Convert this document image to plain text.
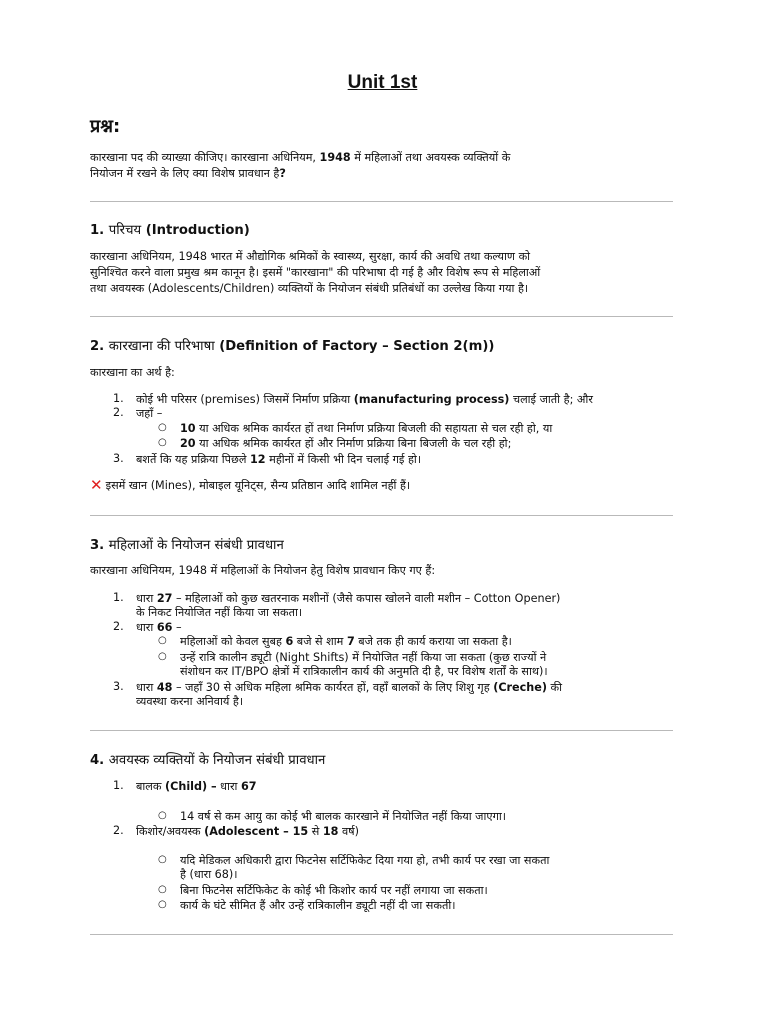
Unit 1st
प्रश्न:
कारखाना पद की व्याख्या कीजिए। कारखाना अधिनियम, 1948 में महिलाओं तथा अवयस्क व्यक्तियों के
नियोजन में रखने के लिए क्या विशेष प्रावधान है?
1. परिचय (Introduction)
कारखाना अधिनियम, 1948 भारत में औद्योगिक श्रमिकों के स्वास्थ्य, सुरक्षा, कार्य की अवधि तथा कल्याण को
सुनिश्चित करने वाला प्रमुख श्रम कानून है। इसमें "कारखाना" की परिभाषा दी गई है और विशेष रूप से महिलाओं
तथा अवयस्क (Adolescents/Children) व्यक्तियों के नियोजन संबंधी प्रतिबंधों का उल्लेख किया गया है।
2. कारखाना की परिभाषा (Definition of Factory – Section 2(m))
कारखाना का अर्थ है:
1. कोई भी परिसर (premises) जिसमें निर्माण प्रक्रिया (manufacturing process) चलाई जाती है; और
2. जहाँ –
○ 10 या अधिक श्रमिक कार्यरत हों तथा निर्माण प्रक्रिया बिजली की सहायता से चल रही हो, या
○ 20 या अधिक श्रमिक कार्यरत हों और निर्माण प्रक्रिया बिना बिजली के चल रही हो;
3. बशर्ते कि यह प्रक्रिया पिछले 12 महीनों में किसी भी दिन चलाई गई हो।
✕ इसमें खान (Mines), मोबाइल यूनिट्स, सैन्य प्रतिष्ठान आदि शामिल नहीं हैं।
3. महिलाओं के नियोजन संबंधी प्रावधान
कारखाना अधिनियम, 1948 में महिलाओं के नियोजन हेतु विशेष प्रावधान किए गए हैं:
1. धारा 27 – महिलाओं को कुछ खतरनाक मशीनों (जैसे कपास खोलने वाली मशीन – Cotton Opener)
के निकट नियोजित नहीं किया जा सकता।
2. धारा 66 –
○ महिलाओं को केवल सुबह 6 बजे से शाम 7 बजे तक ही कार्य कराया जा सकता है।
○ उन्हें रात्रि कालीन ड्यूटी (Night Shifts) में नियोजित नहीं किया जा सकता (कुछ राज्यों ने
संशोधन कर IT/BPO क्षेत्रों में रात्रिकालीन कार्य की अनुमति दी है, पर विशेष शर्तों के साथ)।
3. धारा 48 – जहाँ 30 से अधिक महिला श्रमिक कार्यरत हों, वहाँ बालकों के लिए शिशु गृह (Creche) की
व्यवस्था करना अनिवार्य है।
4. अवयस्क व्यक्तियों के नियोजन संबंधी प्रावधान
1. बालक (Child) – धारा 67
○ 14 वर्ष से कम आयु का कोई भी बालक कारखाने में नियोजित नहीं किया जाएगा।
2. किशोर/अवयस्क (Adolescent – 15 से 18 वर्ष)
○ यदि मेडिकल अधिकारी द्वारा फिटनेस सर्टिफिकेट दिया गया हो, तभी कार्य पर रखा जा सकता
है (धारा 68)।
○ बिना फिटनेस सर्टिफिकेट के कोई भी किशोर कार्य पर नहीं लगाया जा सकता।
○ कार्य के घंटे सीमित हैं और उन्हें रात्रिकालीन ड्यूटी नहीं दी जा सकती।
